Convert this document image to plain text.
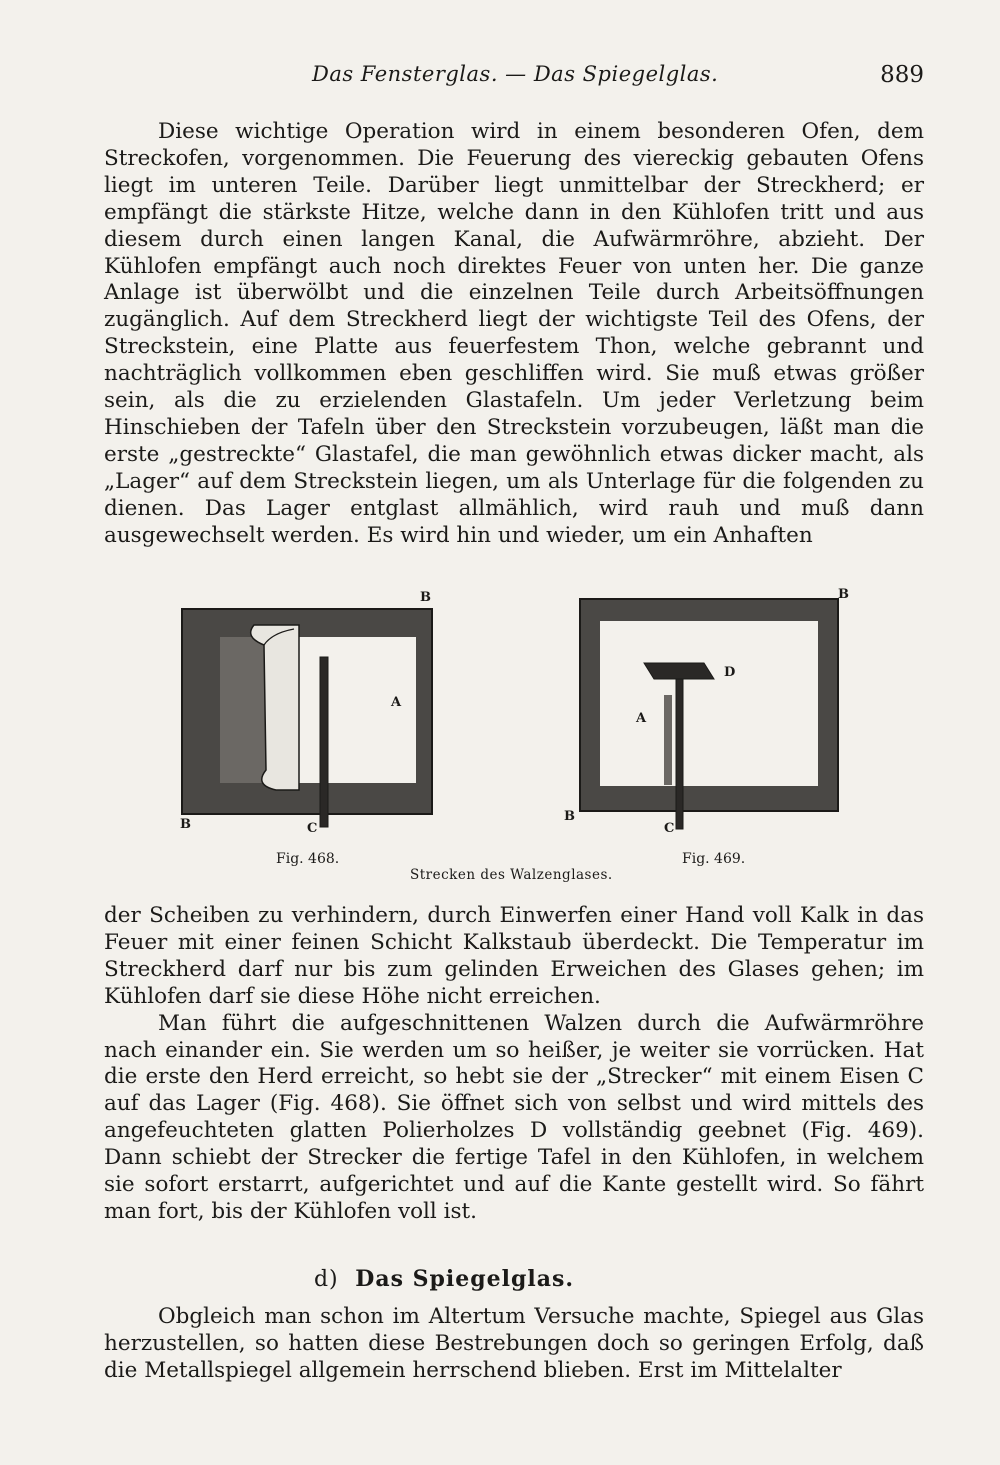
Das Fensterglas. — Das Spiegelglas.	889

Diese wichtige Operation wird in einem besonderen Ofen, dem Streckofen, vorgenommen. Die Feuerung des viereckig gebauten Ofens liegt im unteren Teile. Darüber liegt unmittelbar der Streckherd; er empfängt die stärkste Hitze, welche dann in den Kühlofen tritt und aus diesem durch einen langen Kanal, die Aufwärmröhre, abzieht. Der Kühlofen empfängt auch noch direktes Feuer von unten her. Die ganze Anlage ist überwölbt und die einzelnen Teile durch Arbeitsöffnungen zugänglich. Auf dem Streckherd liegt der wichtigste Teil des Ofens, der Streckstein, eine Platte aus feuerfestem Thon, welche gebrannt und nachträglich vollkommen eben geschliffen wird. Sie muß etwas größer sein, als die zu erzielenden Glastafeln. Um jeder Verletzung beim Hinschieben der Tafeln über den Streckstein vorzubeugen, läßt man die erste „gestreckte“ Glastafel, die man gewöhnlich etwas dicker macht, als „Lager“ auf dem Streckstein liegen, um als Unterlage für die folgenden zu dienen. Das Lager entglast allmählich, wird rauh und muß dann ausgewechselt werden. Es wird hin und wieder, um ein Anhaften

B
A
B	C
B
D
A
B
C
Fig. 468.	Fig. 469.
Strecken des Walzenglases.

der Scheiben zu verhindern, durch Einwerfen einer Hand voll Kalk in das Feuer mit einer feinen Schicht Kalkstaub überdeckt. Die Temperatur im Streckherd darf nur bis zum gelinden Erweichen des Glases gehen; im Kühlofen darf sie diese Höhe nicht erreichen.

Man führt die aufgeschnittenen Walzen durch die Aufwärmröhre nach einander ein. Sie werden um so heißer, je weiter sie vorrücken. Hat die erste den Herd erreicht, so hebt sie der „Strecker“ mit einem Eisen C auf das Lager (Fig. 468). Sie öffnet sich von selbst und wird mittels des angefeuchteten glatten Polierholzes D vollständig geebnet (Fig. 469). Dann schiebt der Strecker die fertige Tafel in den Kühlofen, in welchem sie sofort erstarrt, aufgerichtet und auf die Kante gestellt wird. So fährt man fort, bis der Kühlofen voll ist.

d) Das Spiegelglas.

Obgleich man schon im Altertum Versuche machte, Spiegel aus Glas herzustellen, so hatten diese Bestrebungen doch so geringen Erfolg, daß die Metallspiegel allgemein herrschend blieben. Erst im Mittelalter
